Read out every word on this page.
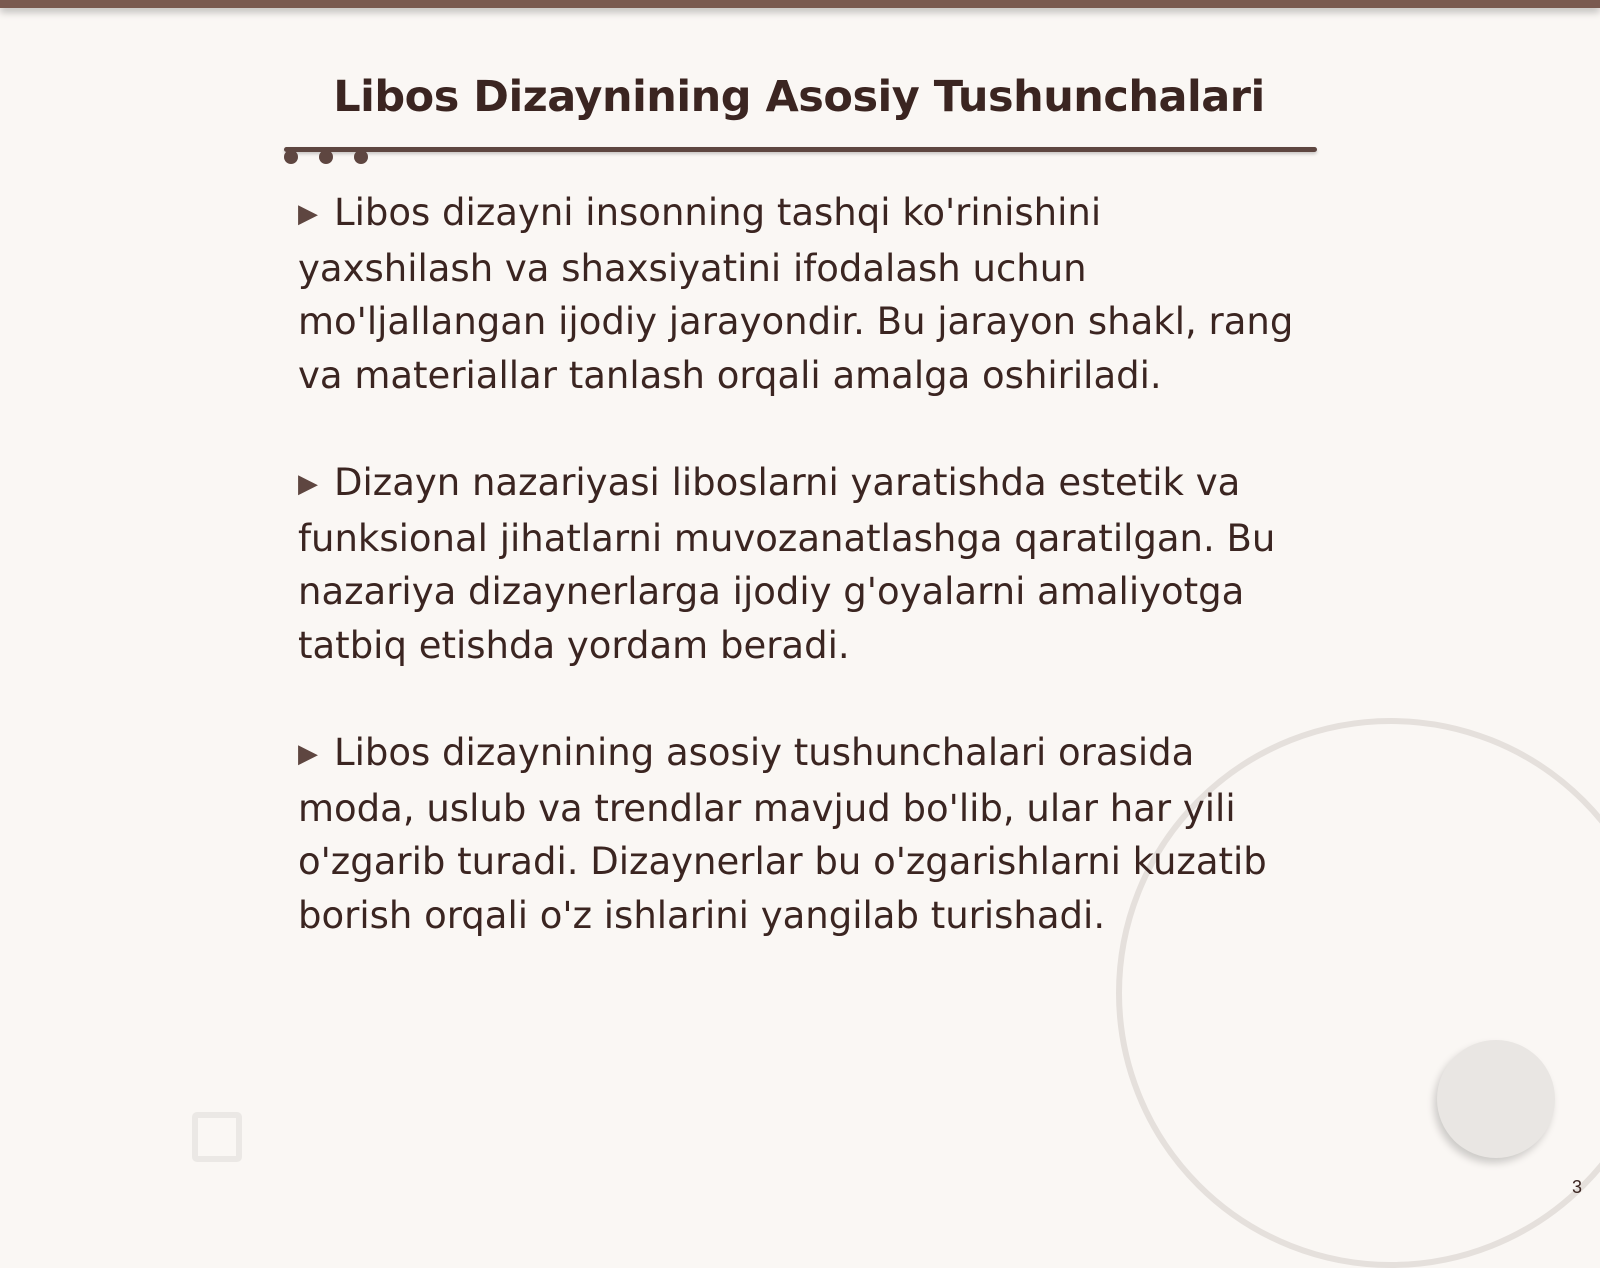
Libos Dizaynining Asosiy Tushunchalari

▶ Libos dizayni insonning tashqi ko'rinishini yaxshilash va shaxsiyatini ifodalash uchun mo'ljallangan ijodiy jarayondir. Bu jarayon shakl, rang va materiallar tanlash orqali amalga oshiriladi.

▶ Dizayn nazariyasi liboslarni yaratishda estetik va funksional jihatlarni muvozanatlashga qaratilgan. Bu nazariya dizaynerlarga ijodiy g'oyalarni amaliyotga tatbiq etishda yordam beradi.

▶ Libos dizaynining asosiy tushunchalari orasida moda, uslub va trendlar mavjud bo'lib, ular har yili o'zgarib turadi. Dizaynerlar bu o'zgarishlarni kuzatib borish orqali o'z ishlarini yangilab turishadi.

3
